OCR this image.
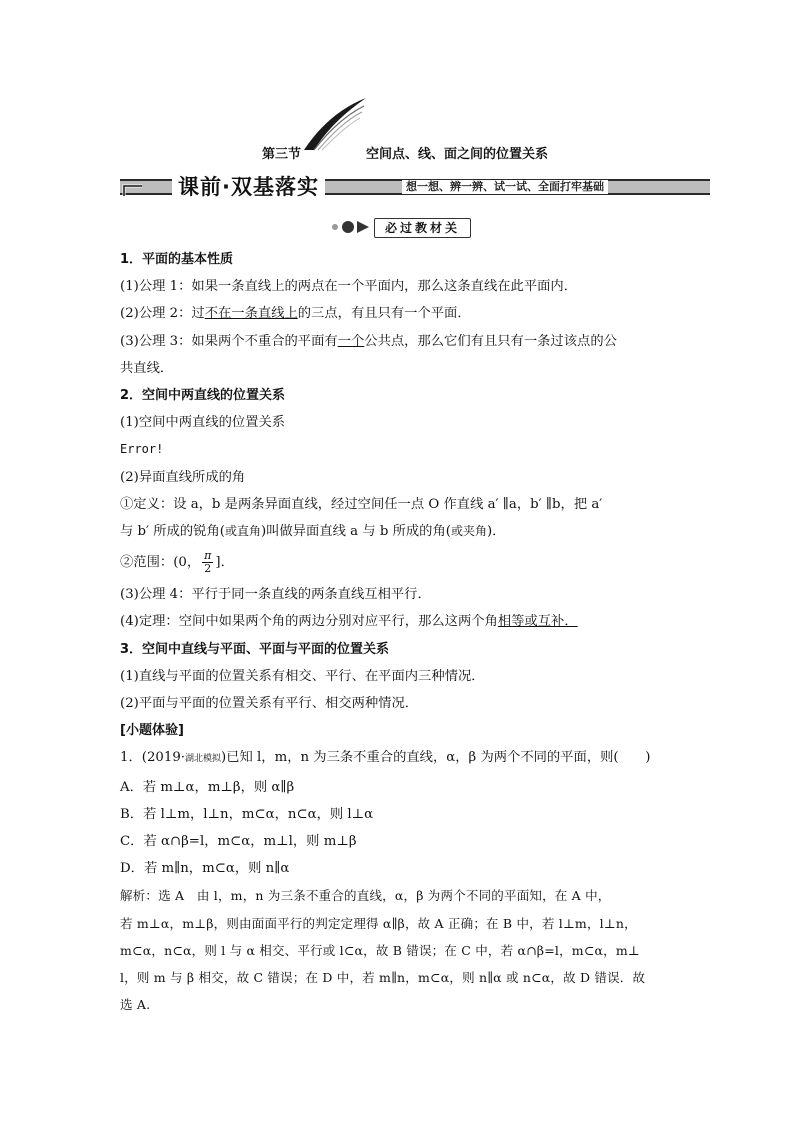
第三节	空间点、线、面之间的位置关系
课前·双基落实	想一想、辨一辨、试一试、全面打牢基础
必过教材关
1．平面的基本性质
(1)公理 1：如果一条直线上的两点在一个平面内，那么这条直线在此平面内．
(2)公理 2：过不在一条直线上的三点，有且只有一个平面．
(3)公理 3：如果两个不重合的平面有一个公共点，那么它们有且只有一条过该点的公
共直线．
2．空间中两直线的位置关系
(1)空间中两直线的位置关系
Error!
(2)异面直线所成的角
①定义：设 a，b 是两条异面直线，经过空间任一点 O 作直线 a′ ∥a，b′ ∥b，把 a′
与 b′ 所成的锐角(或直角)叫做异面直线 a 与 b 所成的角(或夹角)．
②范围：(0， $\frac{\pi}{2}$ ]．
(3)公理 4：平行于同一条直线的两条直线互相平行．
(4)定理：空间中如果两个角的两边分别对应平行，那么这两个角相等或互补．
3．空间中直线与平面、平面与平面的位置关系
(1)直线与平面的位置关系有相交、平行、在平面内三种情况．
(2)平面与平面的位置关系有平行、相交两种情况．
[小题体验]
1．(2019·湖北模拟)已知 l，m，n 为三条不重合的直线，α，β 为两个不同的平面，则(　　)
A．若 m⊥α，m⊥β，则 α∥β
B．若 l⊥m，l⊥n，m⊂α，n⊂α，则 l⊥α
C．若 α∩β=l，m⊂α，m⊥l，则 m⊥β
D．若 m∥n，m⊂α，则 n∥α
解析：选 A　由 l，m，n 为三条不重合的直线，α，β 为两个不同的平面知，在 A 中，
若 m⊥α，m⊥β，则由面面平行的判定定理得 α∥β，故 A 正确；在 B 中，若 l⊥m，l⊥n，
m⊂α，n⊂α，则 l 与 α 相交、平行或 l⊂α，故 B 错误；在 C 中，若 α∩β=l，m⊂α，m⊥
l，则 m 与 β 相交，故 C 错误；在 D 中，若 m∥n，m⊂α，则 n∥α 或 n⊂α，故 D 错误．故
选 A.
